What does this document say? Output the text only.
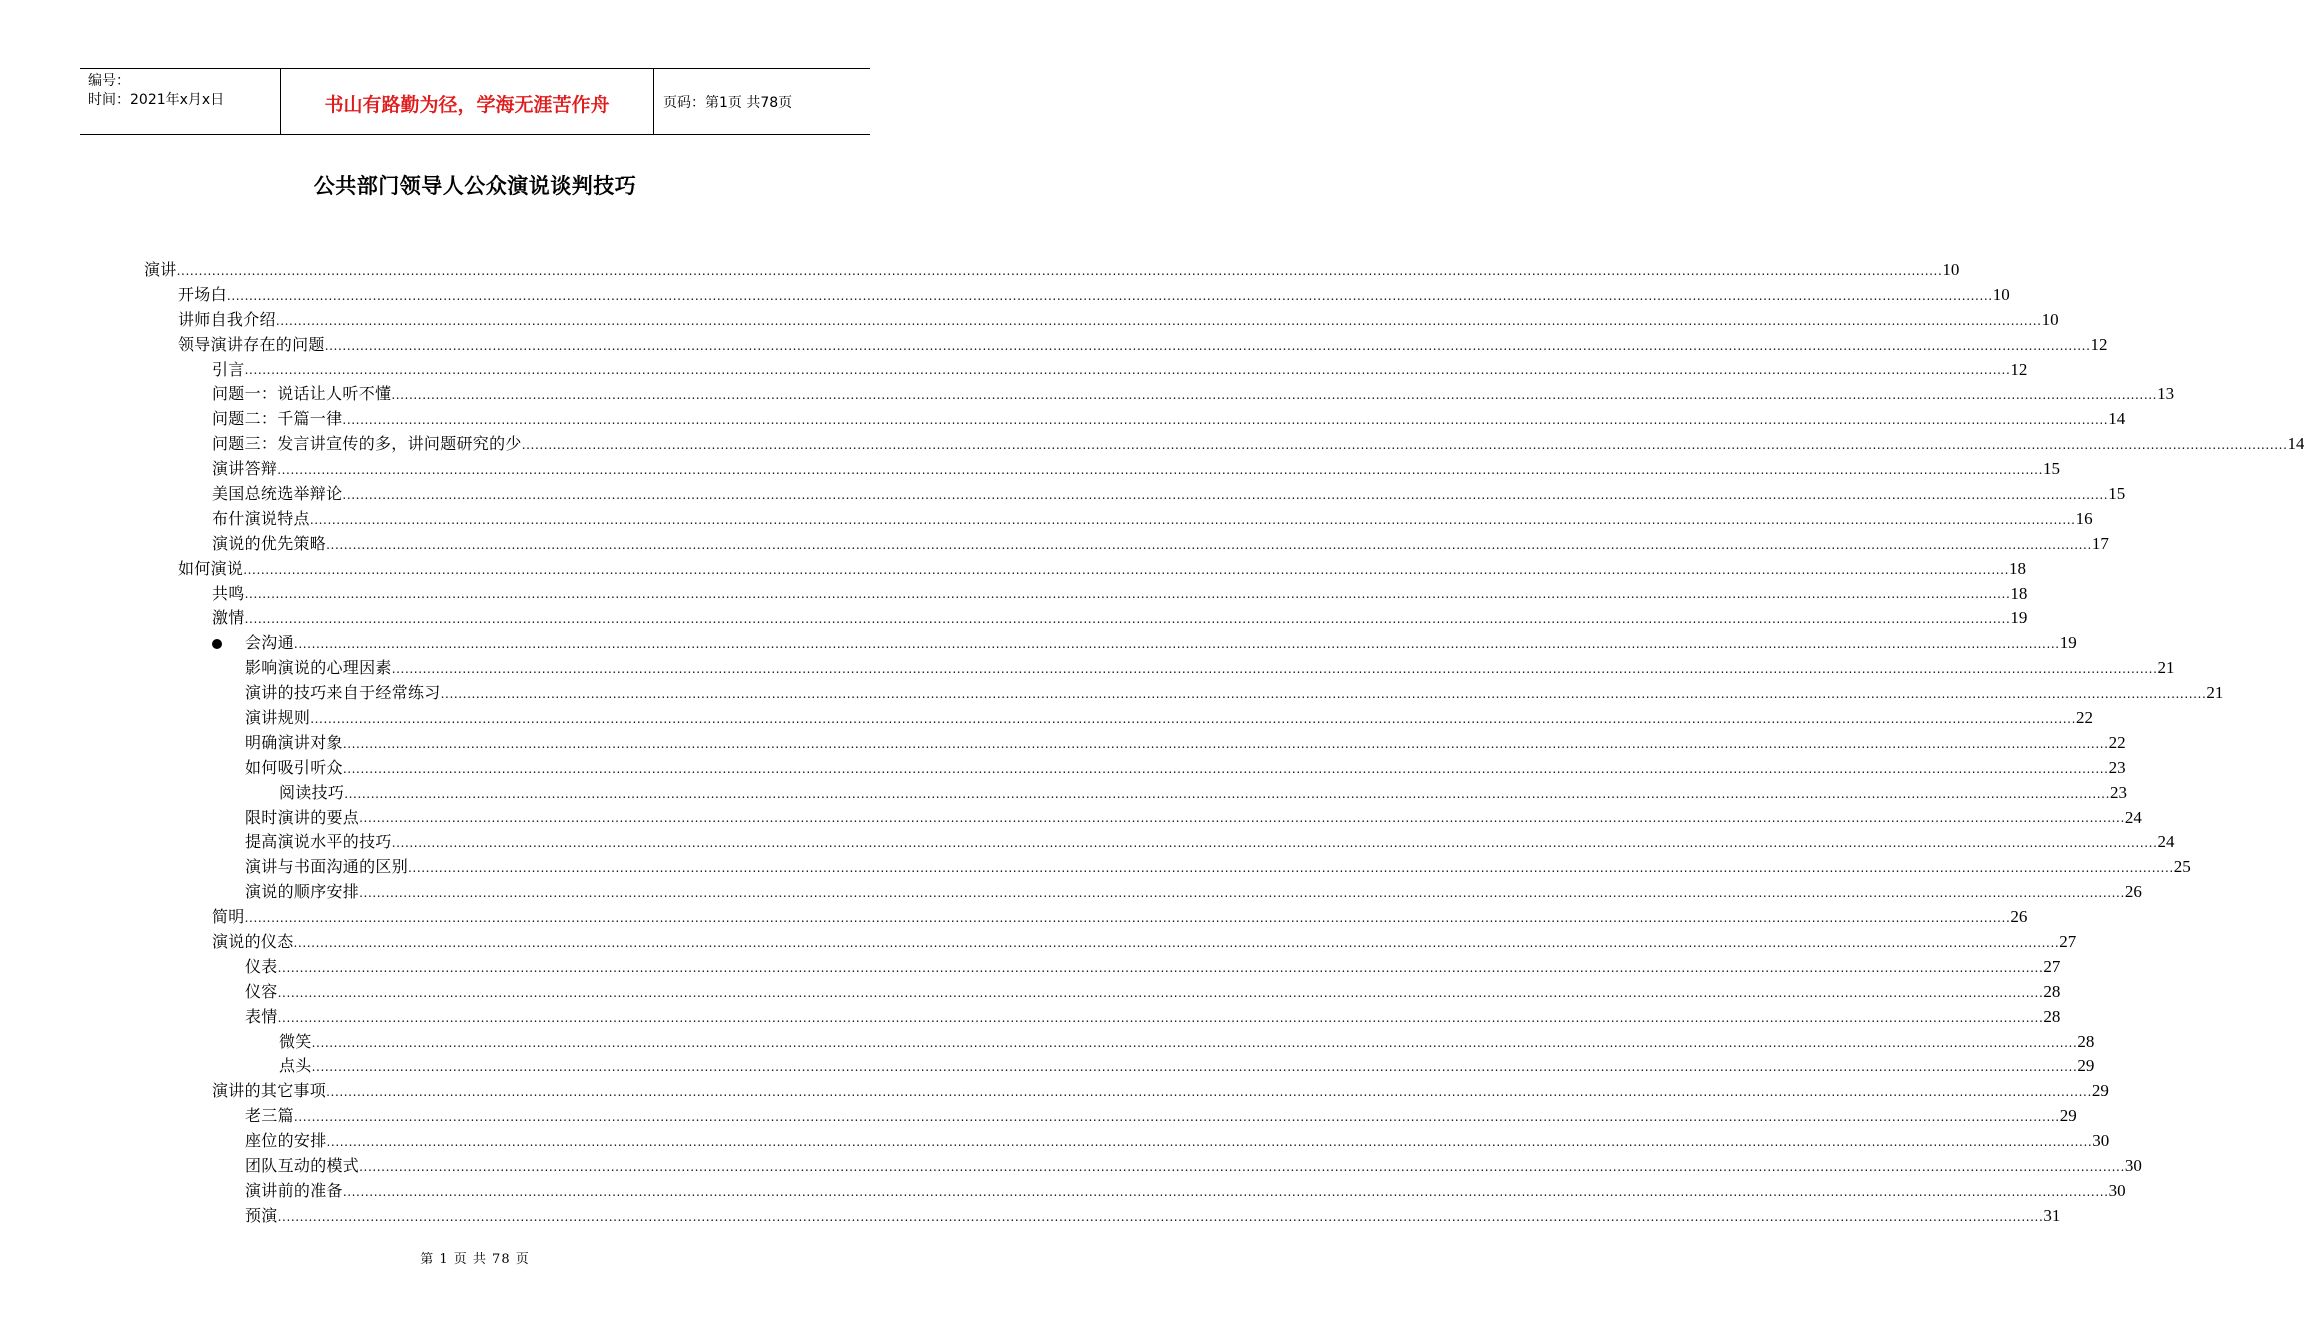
编号：
时间：2021年x月x日	书山有路勤为径，学海无涯苦作舟	页码：第1页 共78页
公共部门领导人公众演说谈判技巧
演讲 ................................................................................................................................................................................................................................................................................................................................................................................................................ 10
开场白 ................................................................................................................................................................................................................................................................................................................................................................................................................ 10
讲师自我介绍 ................................................................................................................................................................................................................................................................................................................................................................................................................ 10
领导演讲存在的问题 ................................................................................................................................................................................................................................................................................................................................................................................................................ 12
引言 ................................................................................................................................................................................................................................................................................................................................................................................................................ 12
问题一：说话让人听不懂 ................................................................................................................................................................................................................................................................................................................................................................................................................ 13
问题二：千篇一律 ................................................................................................................................................................................................................................................................................................................................................................................................................ 14
问题三：发言讲宣传的多，讲问题研究的少 ................................................................................................................................................................................................................................................................................................................................................................................................................ 14
演讲答辩 ................................................................................................................................................................................................................................................................................................................................................................................................................ 15
美国总统选举辩论 ................................................................................................................................................................................................................................................................................................................................................................................................................ 15
布什演说特点 ................................................................................................................................................................................................................................................................................................................................................................................................................ 16
演说的优先策略 ................................................................................................................................................................................................................................................................................................................................................................................................................ 17
如何演说 ................................................................................................................................................................................................................................................................................................................................................................................................................ 18
共鸣 ................................................................................................................................................................................................................................................................................................................................................................................................................ 18
激情 ................................................................................................................................................................................................................................................................................................................................................................................................................ 19
会沟通 ................................................................................................................................................................................................................................................................................................................................................................................................................ 19
影响演说的心理因素 ................................................................................................................................................................................................................................................................................................................................................................................................................ 21
演讲的技巧来自于经常练习 ................................................................................................................................................................................................................................................................................................................................................................................................................ 21
演讲规则 ................................................................................................................................................................................................................................................................................................................................................................................................................ 22
明确演讲对象 ................................................................................................................................................................................................................................................................................................................................................................................................................ 22
如何吸引听众 ................................................................................................................................................................................................................................................................................................................................................................................................................ 23
阅读技巧 ................................................................................................................................................................................................................................................................................................................................................................................................................ 23
限时演讲的要点 ................................................................................................................................................................................................................................................................................................................................................................................................................ 24
提高演说水平的技巧 ................................................................................................................................................................................................................................................................................................................................................................................................................ 24
演讲与书面沟通的区别 ................................................................................................................................................................................................................................................................................................................................................................................................................ 25
演说的顺序安排 ................................................................................................................................................................................................................................................................................................................................................................................................................ 26
简明 ................................................................................................................................................................................................................................................................................................................................................................................................................ 26
演说的仪态 ................................................................................................................................................................................................................................................................................................................................................................................................................ 27
仪表 ................................................................................................................................................................................................................................................................................................................................................................................................................ 27
仪容 ................................................................................................................................................................................................................................................................................................................................................................................................................ 28
表情 ................................................................................................................................................................................................................................................................................................................................................................................................................ 28
微笑 ................................................................................................................................................................................................................................................................................................................................................................................................................ 28
点头 ................................................................................................................................................................................................................................................................................................................................................................................................................ 29
演讲的其它事项 ................................................................................................................................................................................................................................................................................................................................................................................................................ 29
老三篇 ................................................................................................................................................................................................................................................................................................................................................................................................................ 29
座位的安排 ................................................................................................................................................................................................................................................................................................................................................................................................................ 30
团队互动的模式 ................................................................................................................................................................................................................................................................................................................................................................................................................ 30
演讲前的准备 ................................................................................................................................................................................................................................................................................................................................................................................................................ 30
预演 ................................................................................................................................................................................................................................................................................................................................................................................................................ 31
第 1 页 共 78 页
